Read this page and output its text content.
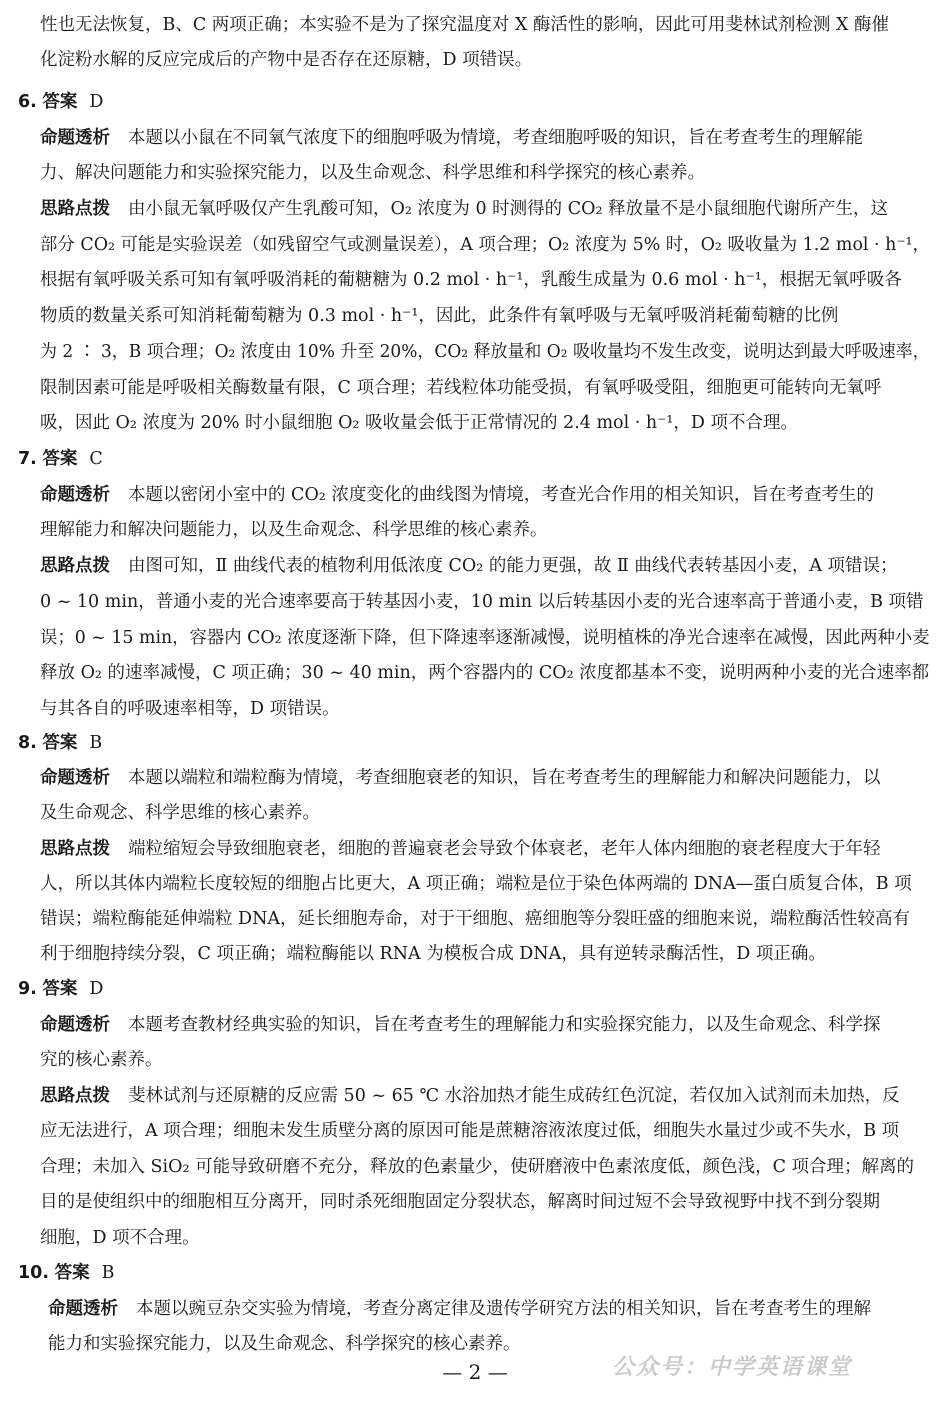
性也无法恢复，B、C 两项正确；本实验不是为了探究温度对 X 酶活性的影响，因此可用斐林试剂检测 X 酶催
化淀粉水解的反应完成后的产物中是否存在还原糖，D 项错误。
6. 答案 D
命题透析 本题以小鼠在不同氧气浓度下的细胞呼吸为情境，考查细胞呼吸的知识，旨在考查考生的理解能
力、解决问题能力和实验探究能力，以及生命观念、科学思维和科学探究的核心素养。
思路点拨 由小鼠无氧呼吸仅产生乳酸可知，O₂ 浓度为 0 时测得的 CO₂ 释放量不是小鼠细胞代谢所产生，这
部分 CO₂ 可能是实验误差（如残留空气或测量误差），A 项合理；O₂ 浓度为 5% 时，O₂ 吸收量为 1.2 mol · h⁻¹，
根据有氧呼吸关系可知有氧呼吸消耗的葡糖糖为 0.2 mol · h⁻¹，乳酸生成量为 0.6 mol · h⁻¹，根据无氧呼吸各
物质的数量关系可知消耗葡萄糖为 0.3 mol · h⁻¹，因此，此条件有氧呼吸与无氧呼吸消耗葡萄糖的比例
为 2 ∶ 3，B 项合理；O₂ 浓度由 10% 升至 20%，CO₂ 释放量和 O₂ 吸收量均不发生改变，说明达到最大呼吸速率，
限制因素可能是呼吸相关酶数量有限，C 项合理；若线粒体功能受损，有氧呼吸受阻，细胞更可能转向无氧呼
吸，因此 O₂ 浓度为 20% 时小鼠细胞 O₂ 吸收量会低于正常情况的 2.4 mol · h⁻¹，D 项不合理。
7. 答案 C
命题透析 本题以密闭小室中的 CO₂ 浓度变化的曲线图为情境，考查光合作用的相关知识，旨在考查考生的
理解能力和解决问题能力，以及生命观念、科学思维的核心素养。
思路点拨 由图可知，Ⅱ 曲线代表的植物利用低浓度 CO₂ 的能力更强，故 Ⅱ 曲线代表转基因小麦，A 项错误；
0 ~ 10 min，普通小麦的光合速率要高于转基因小麦，10 min 以后转基因小麦的光合速率高于普通小麦，B 项错
误；0 ~ 15 min，容器内 CO₂ 浓度逐渐下降，但下降速率逐渐减慢，说明植株的净光合速率在减慢，因此两种小麦
释放 O₂ 的速率减慢，C 项正确；30 ~ 40 min，两个容器内的 CO₂ 浓度都基本不变，说明两种小麦的光合速率都
与其各自的呼吸速率相等，D 项错误。
8. 答案 B
命题透析 本题以端粒和端粒酶为情境，考查细胞衰老的知识，旨在考查考生的理解能力和解决问题能力，以
及生命观念、科学思维的核心素养。
思路点拨 端粒缩短会导致细胞衰老，细胞的普遍衰老会导致个体衰老，老年人体内细胞的衰老程度大于年轻
人，所以其体内端粒长度较短的细胞占比更大，A 项正确；端粒是位于染色体两端的 DNA—蛋白质复合体，B 项
错误；端粒酶能延伸端粒 DNA，延长细胞寿命，对于干细胞、癌细胞等分裂旺盛的细胞来说，端粒酶活性较高有
利于细胞持续分裂，C 项正确；端粒酶能以 RNA 为模板合成 DNA，具有逆转录酶活性，D 项正确。
9. 答案 D
命题透析 本题考查教材经典实验的知识，旨在考查考生的理解能力和实验探究能力，以及生命观念、科学探
究的核心素养。
思路点拨 斐林试剂与还原糖的反应需 50 ~ 65 ℃ 水浴加热才能生成砖红色沉淀，若仅加入试剂而未加热，反
应无法进行，A 项合理；细胞未发生质壁分离的原因可能是蔗糖溶液浓度过低，细胞失水量过少或不失水，B 项
合理；未加入 SiO₂ 可能导致研磨不充分，释放的色素量少，使研磨液中色素浓度低，颜色浅，C 项合理；解离的
目的是使组织中的细胞相互分离开，同时杀死细胞固定分裂状态，解离时间过短不会导致视野中找不到分裂期
细胞，D 项不合理。
10. 答案 B
命题透析 本题以豌豆杂交实验为情境，考查分离定律及遗传学研究方法的相关知识，旨在考查考生的理解
能力和实验探究能力，以及生命观念、科学探究的核心素养。
公众号：中学英语课堂
— 2 —
